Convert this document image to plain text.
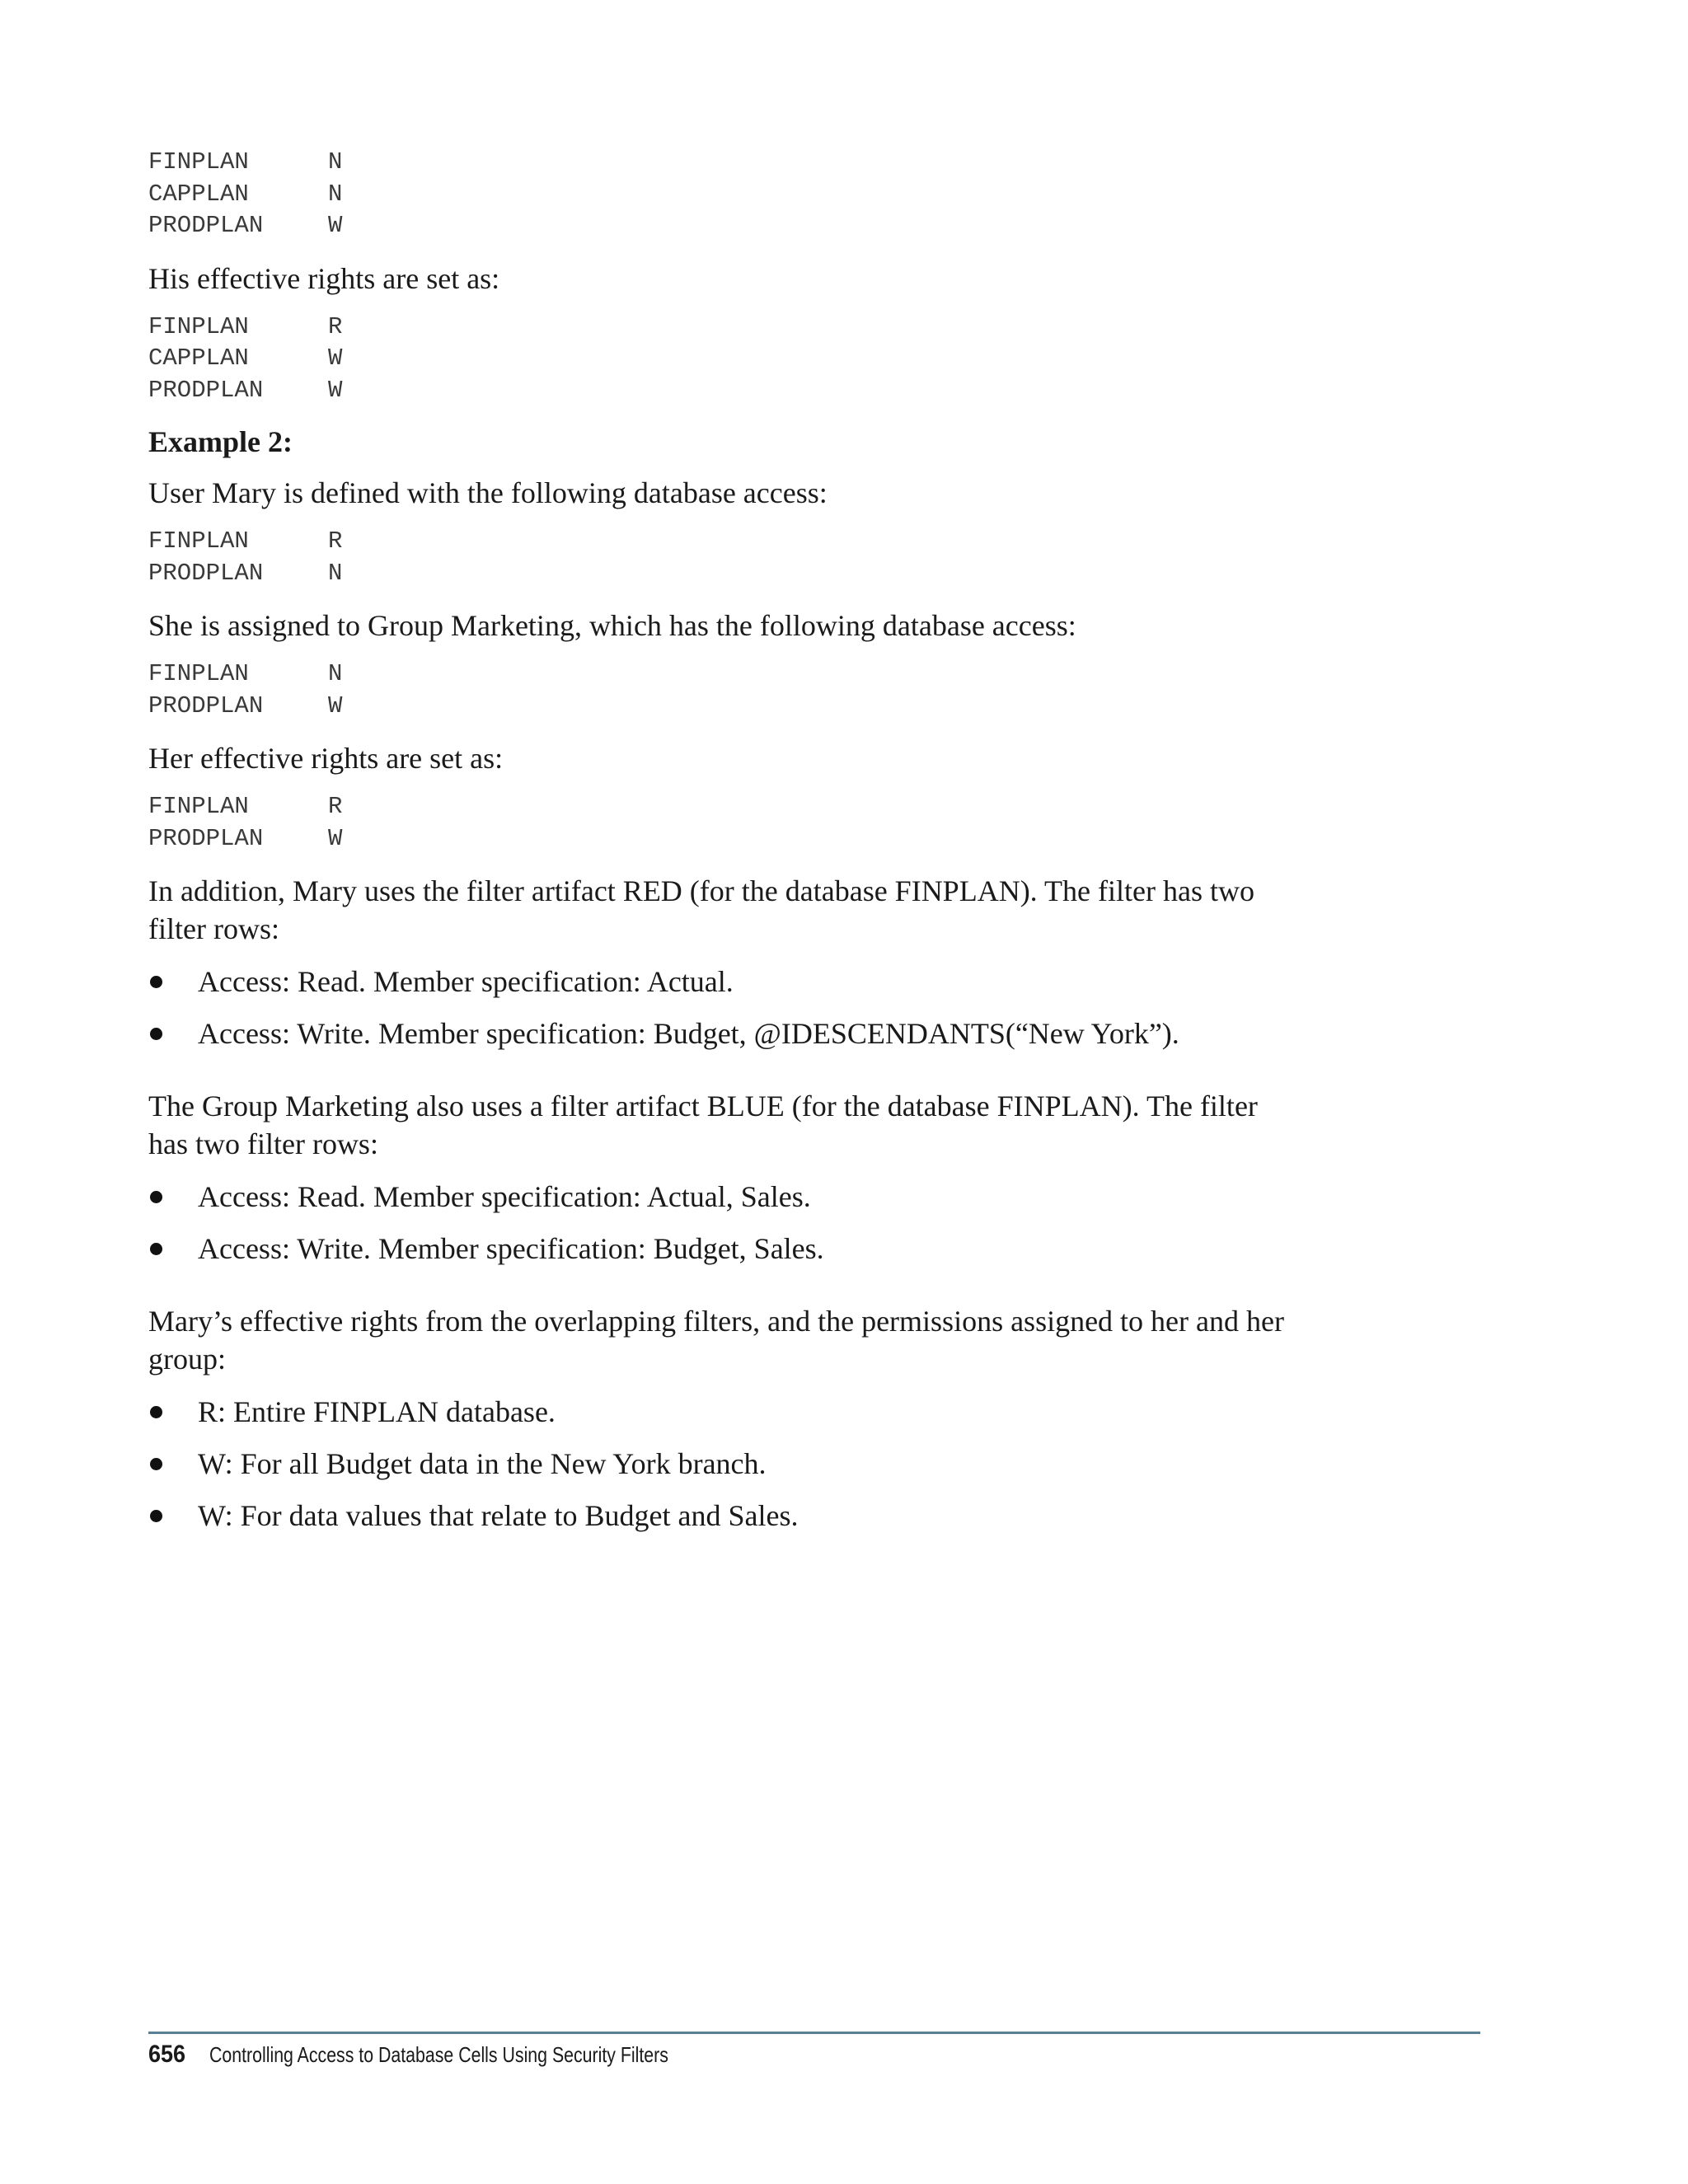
FINPLAN	N
CAPPLAN	N
PRODPLAN	W

His effective rights are set as:

FINPLAN	R
CAPPLAN	W
PRODPLAN	W

Example 2:

User Mary is defined with the following database access:

FINPLAN	R
PRODPLAN	N

She is assigned to Group Marketing, which has the following database access:

FINPLAN	N
PRODPLAN	W

Her effective rights are set as:

FINPLAN	R
PRODPLAN	W

In addition, Mary uses the filter artifact RED (for the database FINPLAN). The filter has two filter rows:

Access: Read. Member specification: Actual.
Access: Write. Member specification: Budget, @IDESCENDANTS(“New York”).

The Group Marketing also uses a filter artifact BLUE (for the database FINPLAN). The filter has two filter rows:

Access: Read. Member specification: Actual, Sales.
Access: Write. Member specification: Budget, Sales.

Mary’s effective rights from the overlapping filters, and the permissions assigned to her and her group:

R: Entire FINPLAN database.
W: For all Budget data in the New York branch.
W: For data values that relate to Budget and Sales.
656 Controlling Access to Database Cells Using Security Filters
